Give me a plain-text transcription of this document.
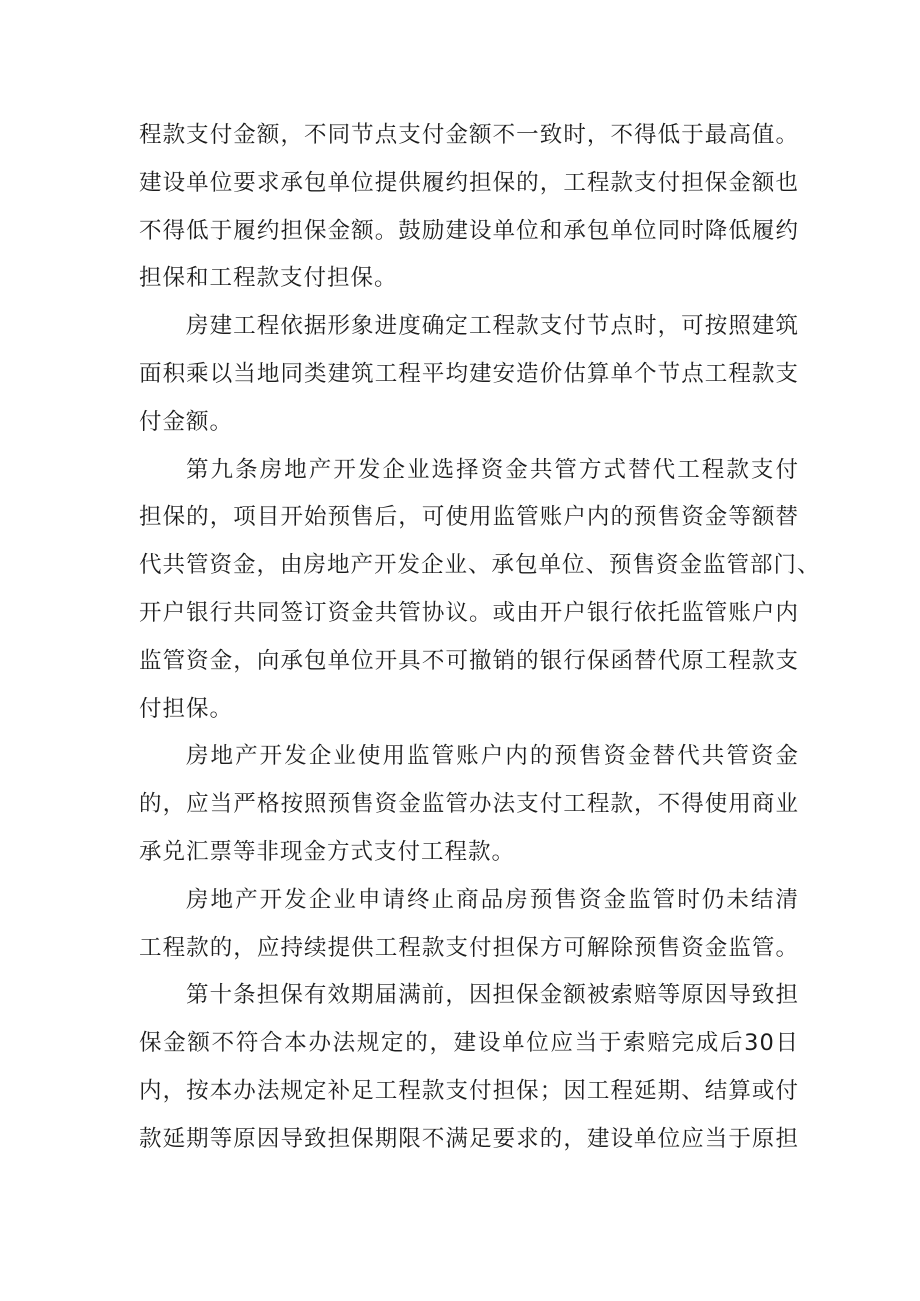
程款支付金额，不同节点支付金额不一致时，不得低于最高值。
建设单位要求承包单位提供履约担保的，工程款支付担保金额也
不得低于履约担保金额。鼓励建设单位和承包单位同时降低履约
担保和工程款支付担保。
房建工程依据形象进度确定工程款支付节点时，可按照建筑
面积乘以当地同类建筑工程平均建安造价估算单个节点工程款支
付金额。
第九条房地产开发企业选择资金共管方式替代工程款支付
担保的，项目开始预售后，可使用监管账户内的预售资金等额替
代共管资金，由房地产开发企业、承包单位、预售资金监管部门、
开户银行共同签订资金共管协议。或由开户银行依托监管账户内
监管资金，向承包单位开具不可撤销的银行保函替代原工程款支
付担保。
房地产开发企业使用监管账户内的预售资金替代共管资金
的，应当严格按照预售资金监管办法支付工程款，不得使用商业
承兑汇票等非现金方式支付工程款。
房地产开发企业申请终止商品房预售资金监管时仍未结清
工程款的，应持续提供工程款支付担保方可解除预售资金监管。
第十条担保有效期届满前，因担保金额被索赔等原因导致担
保金额不符合本办法规定的，建设单位应当于索赔完成后30日
内，按本办法规定补足工程款支付担保；因工程延期、结算或付
款延期等原因导致担保期限不满足要求的，建设单位应当于原担
